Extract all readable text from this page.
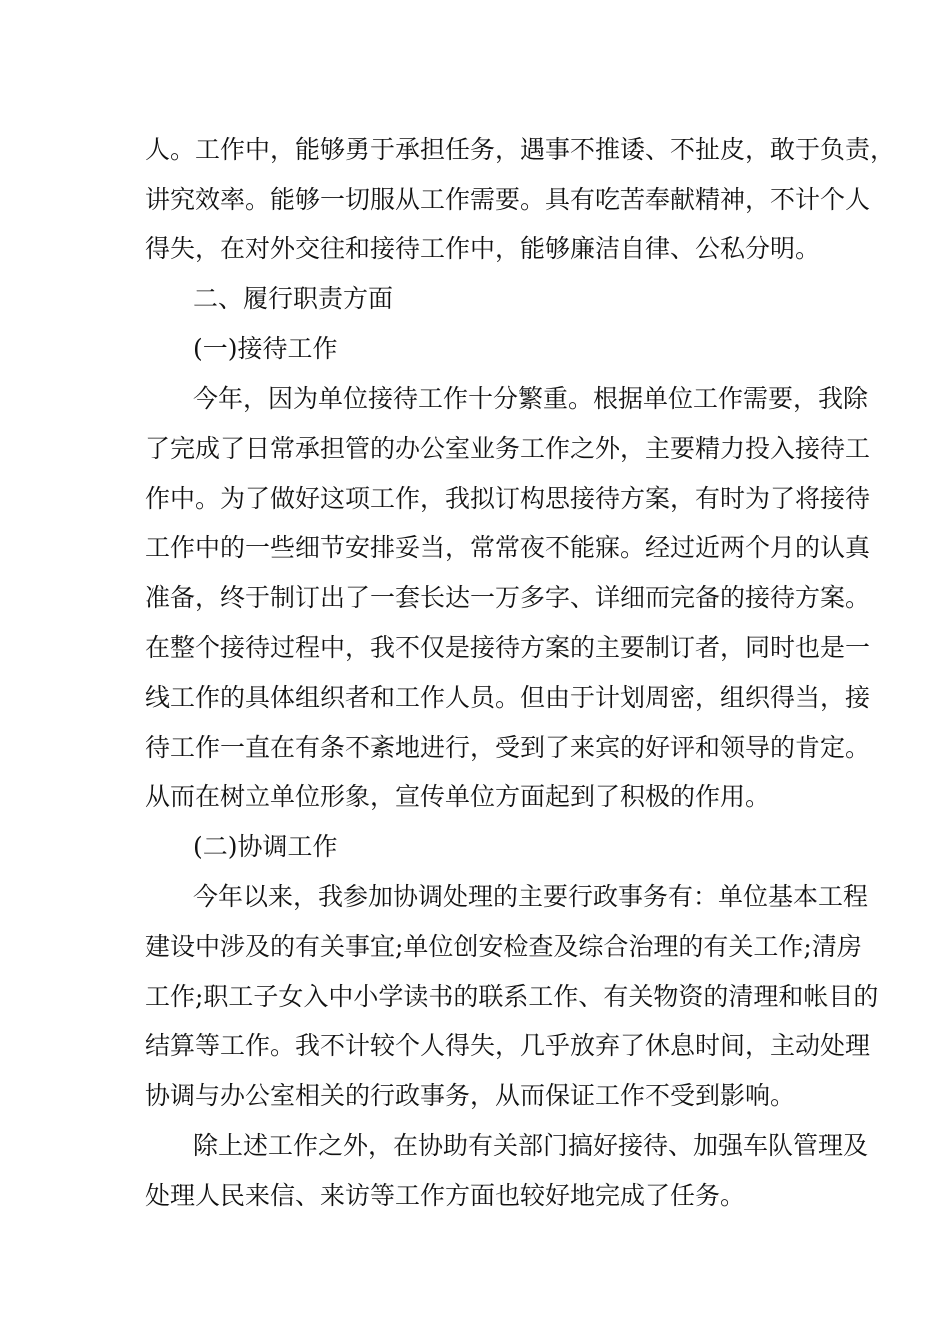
人。工作中，能够勇于承担任务，遇事不推诿、不扯皮，敢于负责，
讲究效率。能够一切服从工作需要。具有吃苦奉献精神，不计个人
得失，在对外交往和接待工作中，能够廉洁自律、公私分明。
二、履行职责方面
(一)接待工作
今年，因为单位接待工作十分繁重。根据单位工作需要，我除
了完成了日常承担管的办公室业务工作之外，主要精力投入接待工
作中。为了做好这项工作，我拟订构思接待方案，有时为了将接待
工作中的一些细节安排妥当，常常夜不能寐。经过近两个月的认真
准备，终于制订出了一套长达一万多字、详细而完备的接待方案。
在整个接待过程中，我不仅是接待方案的主要制订者，同时也是一
线工作的具体组织者和工作人员。但由于计划周密，组织得当，接
待工作一直在有条不紊地进行，受到了来宾的好评和领导的肯定。
从而在树立单位形象，宣传单位方面起到了积极的作用。
(二)协调工作
今年以来，我参加协调处理的主要行政事务有：单位基本工程
建设中涉及的有关事宜;单位创安检查及综合治理的有关工作;清房
工作;职工子女入中小学读书的联系工作、有关物资的清理和帐目的
结算等工作。我不计较个人得失，几乎放弃了休息时间，主动处理
协调与办公室相关的行政事务，从而保证工作不受到影响。
除上述工作之外，在协助有关部门搞好接待、加强车队管理及
处理人民来信、来访等工作方面也较好地完成了任务。
